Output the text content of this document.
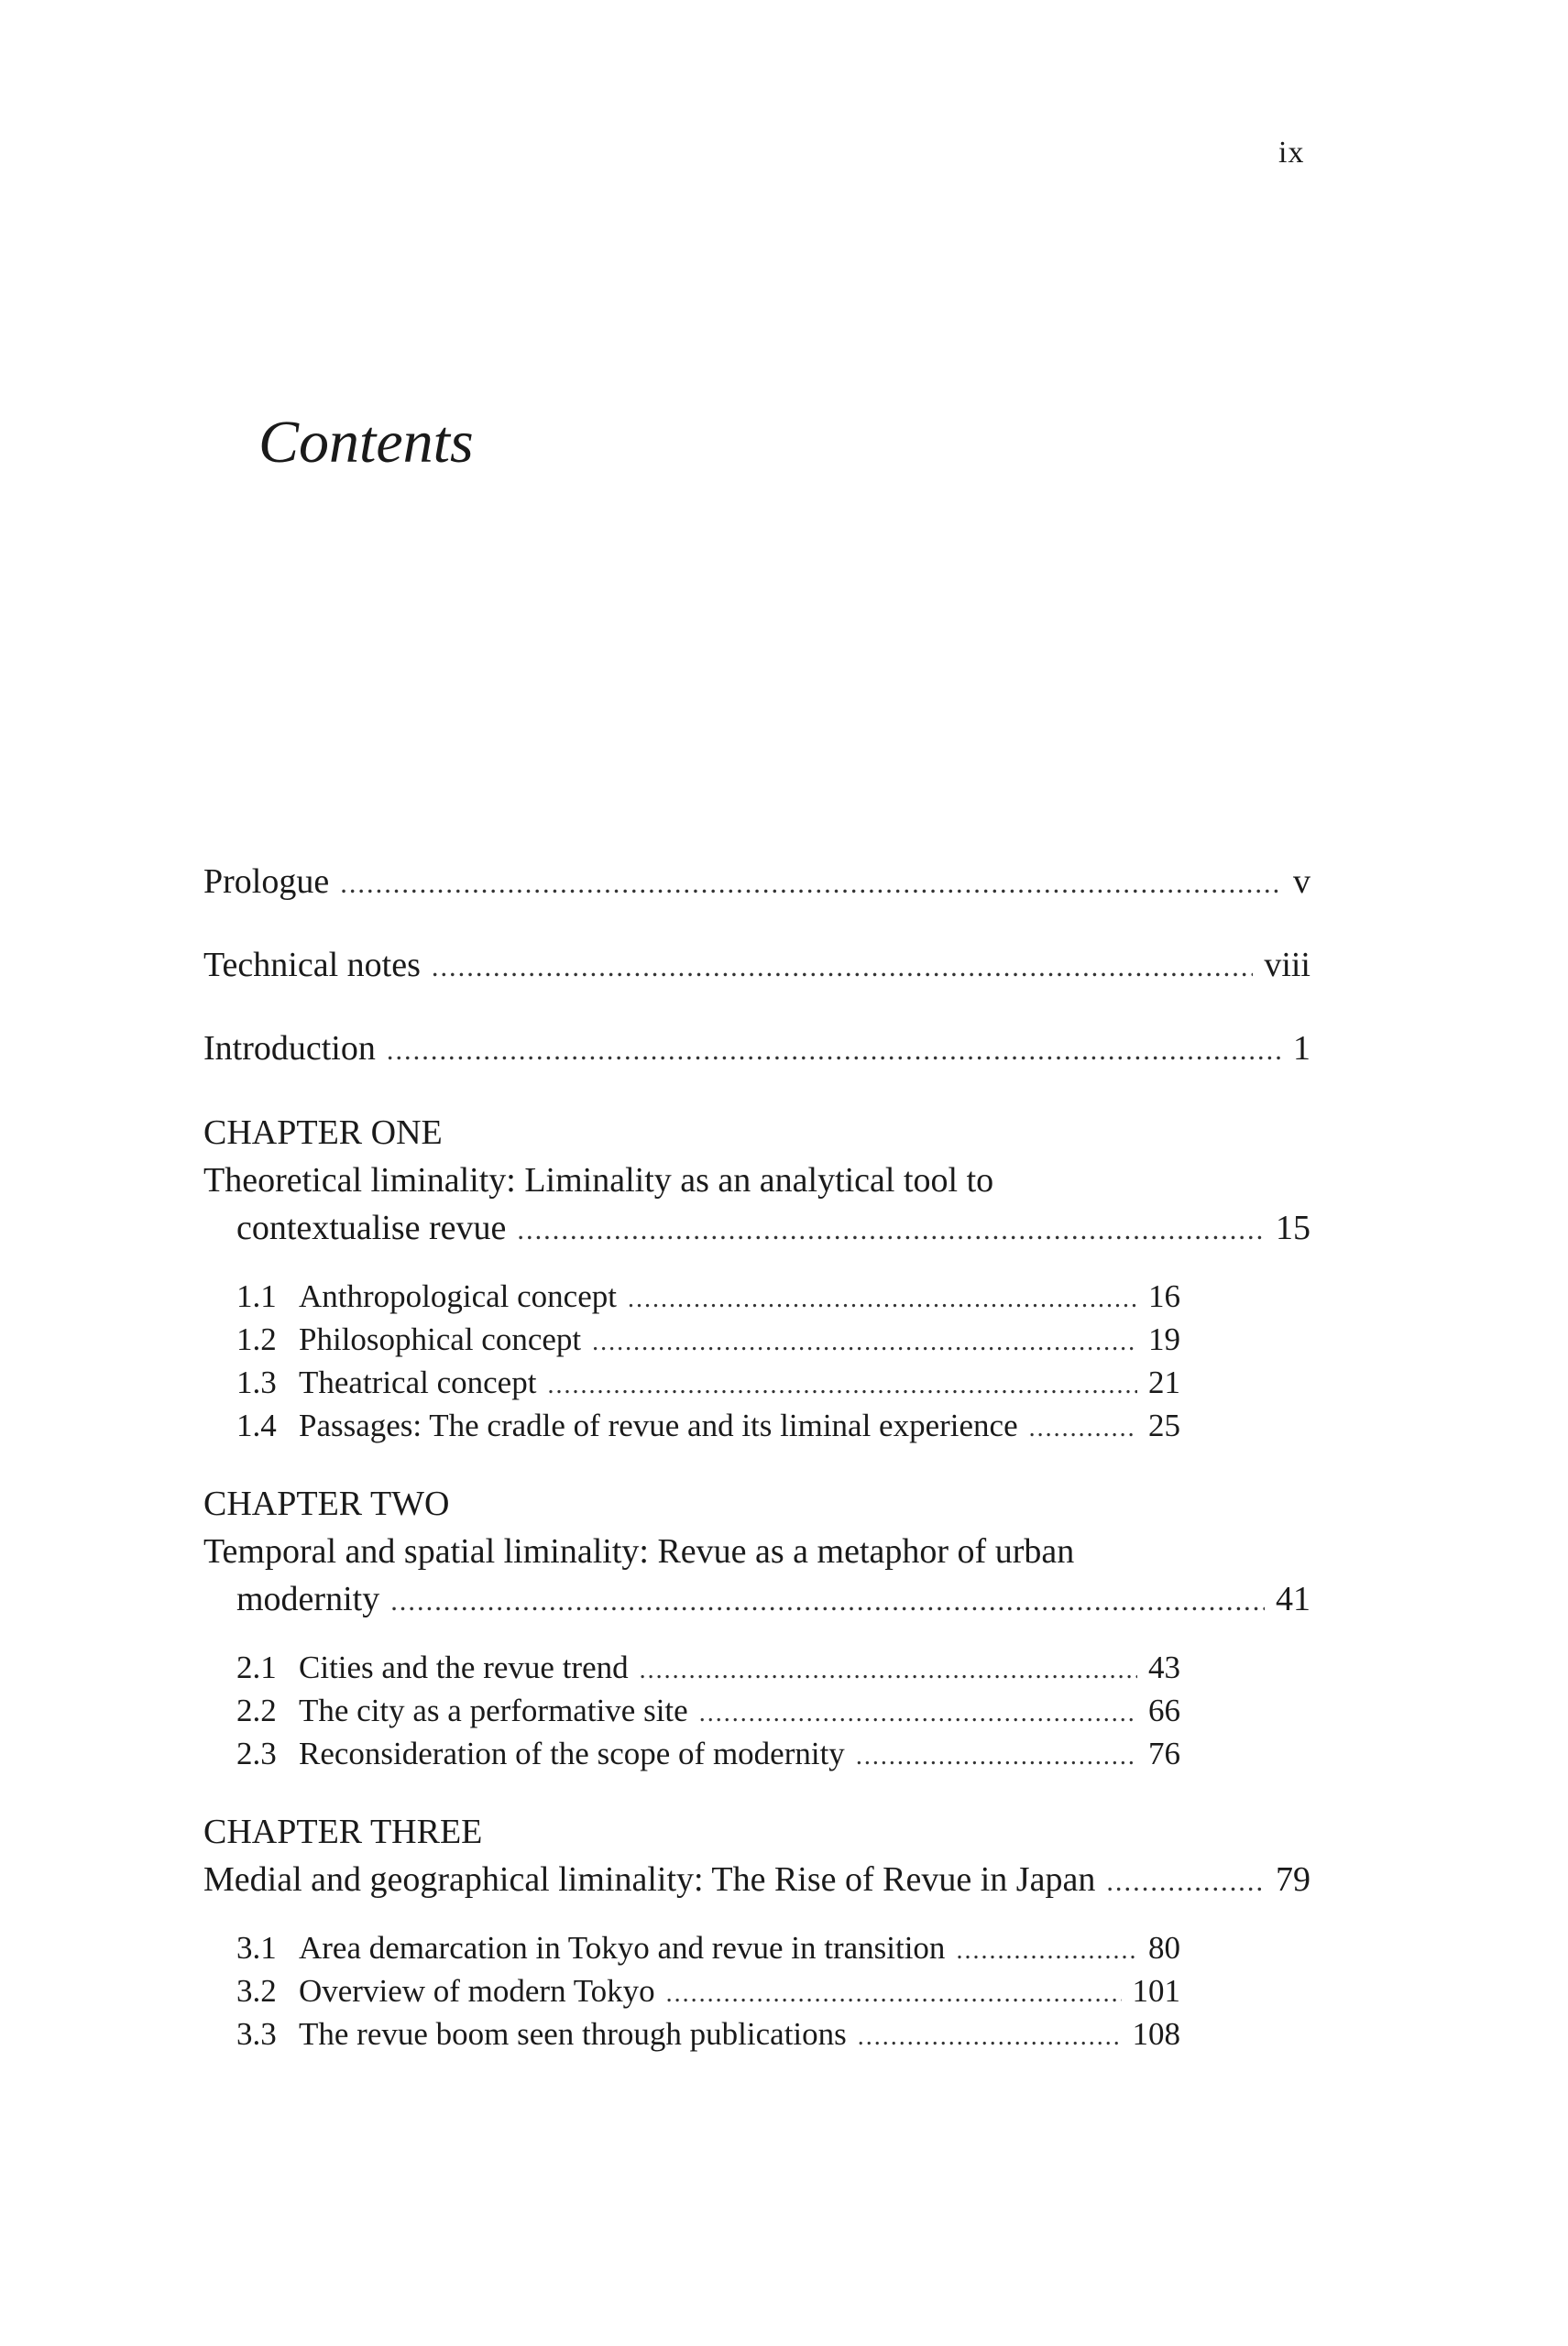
ix
Contents
Prologue .....	v
Technical notes .....	viii
Introduction .....	1
CHAPTER ONE
Theoretical liminality: Liminality as an analytical tool to
contextualise revue .....	15
1.1 Anthropological concept .....	16
1.2 Philosophical concept .....	19
1.3 Theatrical concept .....	21
1.4 Passages: The cradle of revue and its liminal experience .....	25
CHAPTER TWO
Temporal and spatial liminality: Revue as a metaphor of urban
modernity .....	41
2.1 Cities and the revue trend .....	43
2.2 The city as a performative site .....	66
2.3 Reconsideration of the scope of modernity .....	76
CHAPTER THREE
Medial and geographical liminality: The Rise of Revue in Japan .....	79
3.1 Area demarcation in Tokyo and revue in transition .....	80
3.2 Overview of modern Tokyo .....	101
3.3 The revue boom seen through publications .....	108
